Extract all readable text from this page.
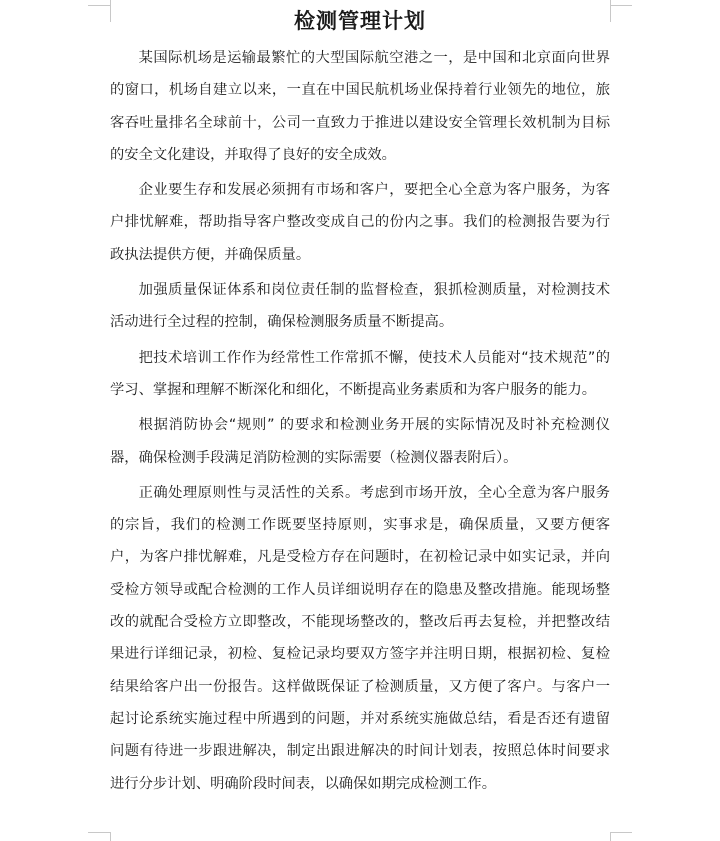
检测管理计划

某国际机场是运输最繁忙的大型国际航空港之一，是中国和北京面向世界的窗口，机场自建立以来，一直在中国民航机场业保持着行业领先的地位，旅客吞吐量排名全球前十，公司一直致力于推进以建设安全管理长效机制为目标的安全文化建设，并取得了良好的安全成效。

企业要生存和发展必须拥有市场和客户，要把全心全意为客户服务，为客户排忧解难，帮助指导客户整改变成自己的份内之事。我们的检测报告要为行政执法提供方便，并确保质量。

加强质量保证体系和岗位责任制的监督检查，狠抓检测质量，对检测技术活动进行全过程的控制，确保检测服务质量不断提高。

把技术培训工作作为经常性工作常抓不懈，使技术人员能对“技术规范”的学习、掌握和理解不断深化和细化，不断提高业务素质和为客户服务的能力。

根据消防协会“规则” 的要求和检测业务开展的实际情况及时补充检测仪器，确保检测手段满足消防检测的实际需要（检测仪器表附后）。

正确处理原则性与灵活性的关系。考虑到市场开放，全心全意为客户服务的宗旨，我们的检测工作既要坚持原则，实事求是，确保质量，又要方便客户，为客户排忧解难，凡是受检方存在问题时，在初检记录中如实记录，并向受检方领导或配合检测的工作人员详细说明存在的隐患及整改措施。能现场整改的就配合受检方立即整改，不能现场整改的，整改后再去复检，并把整改结果进行详细记录，初检、复检记录均要双方签字并注明日期，根据初检、复检结果给客户出一份报告。这样做既保证了检测质量，又方便了客户。与客户一起讨论系统实施过程中所遇到的问题，并对系统实施做总结，看是否还有遗留问题有待进一步跟进解决，制定出跟进解决的时间计划表，按照总体时间要求进行分步计划、明确阶段时间表，以确保如期完成检测工作。
